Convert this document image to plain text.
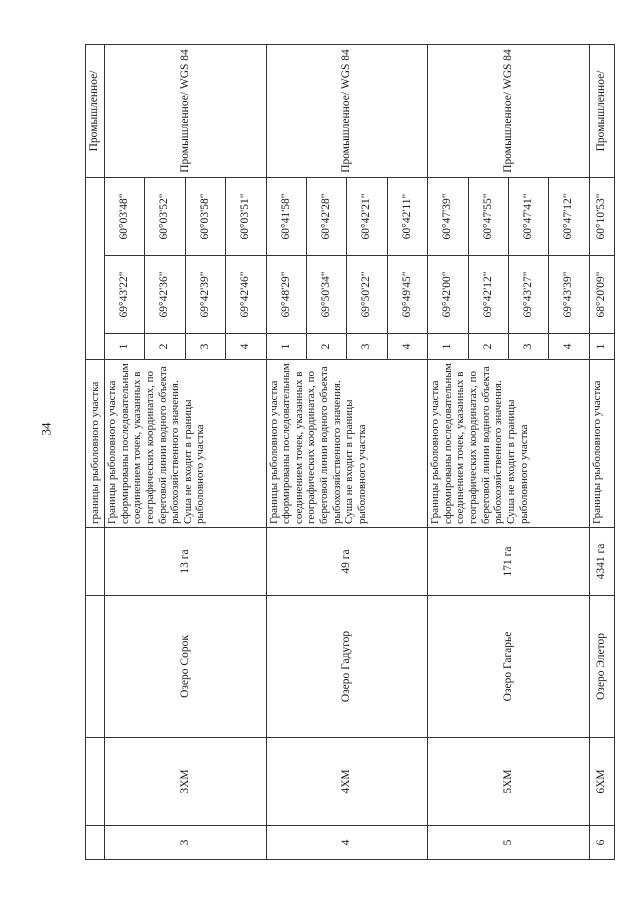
34
					границы рыболовного участка				Промышленное/
3	3ХМ	Озеро Сорок	13 га	Границы рыболовного участка сформированы последовательным соединением точек, указанных в географических координатах, по береговой линии водного объекта рыбохозяйственного значения. Суша не входит в границы рыболовного участка	1	69°43'22"	60°03'48"	Промышленное/ WGS 84
					2	69°42'36"	60°03'52"	
					3	69°42'39"	60°03'58"	
					4	69°42'46"	60°03'51"	
4	4ХМ	Озеро Гадугор	49 га	Границы рыболовного участка сформированы последовательным соединением точек, указанных в географических координатах, по береговой линии водного объекта рыбохозяйственного значения. Суша не входит в границы рыболовного участка	1	69°48'29"	60°41'58"	Промышленное/ WGS 84
					2	69°50'34"	60°42'28"	
					3	69°50'22"	60°42'21"	
					4	69°49'45"	60°42'11"	
5	5ХМ	Озеро Гагарье	171 га	Границы рыболовного участка сформированы последовательным соединением точек, указанных в географических координатах, по береговой линии водного объекта рыбохозяйственного значения. Суша не входит в границы рыболовного участка	1	69°42'00"	60°47'39"	Промышленное/ WGS 84
					2	69°42'12"	60°47'55"	
					3	69°43'27"	60°47'41"	
					4	69°43'39"	60°47'12"	
6	6ХМ	Озеро Элетор	4341 га	Границы рыболовного участка	1	68°20'09"	60°10'53"	Промышленное/
